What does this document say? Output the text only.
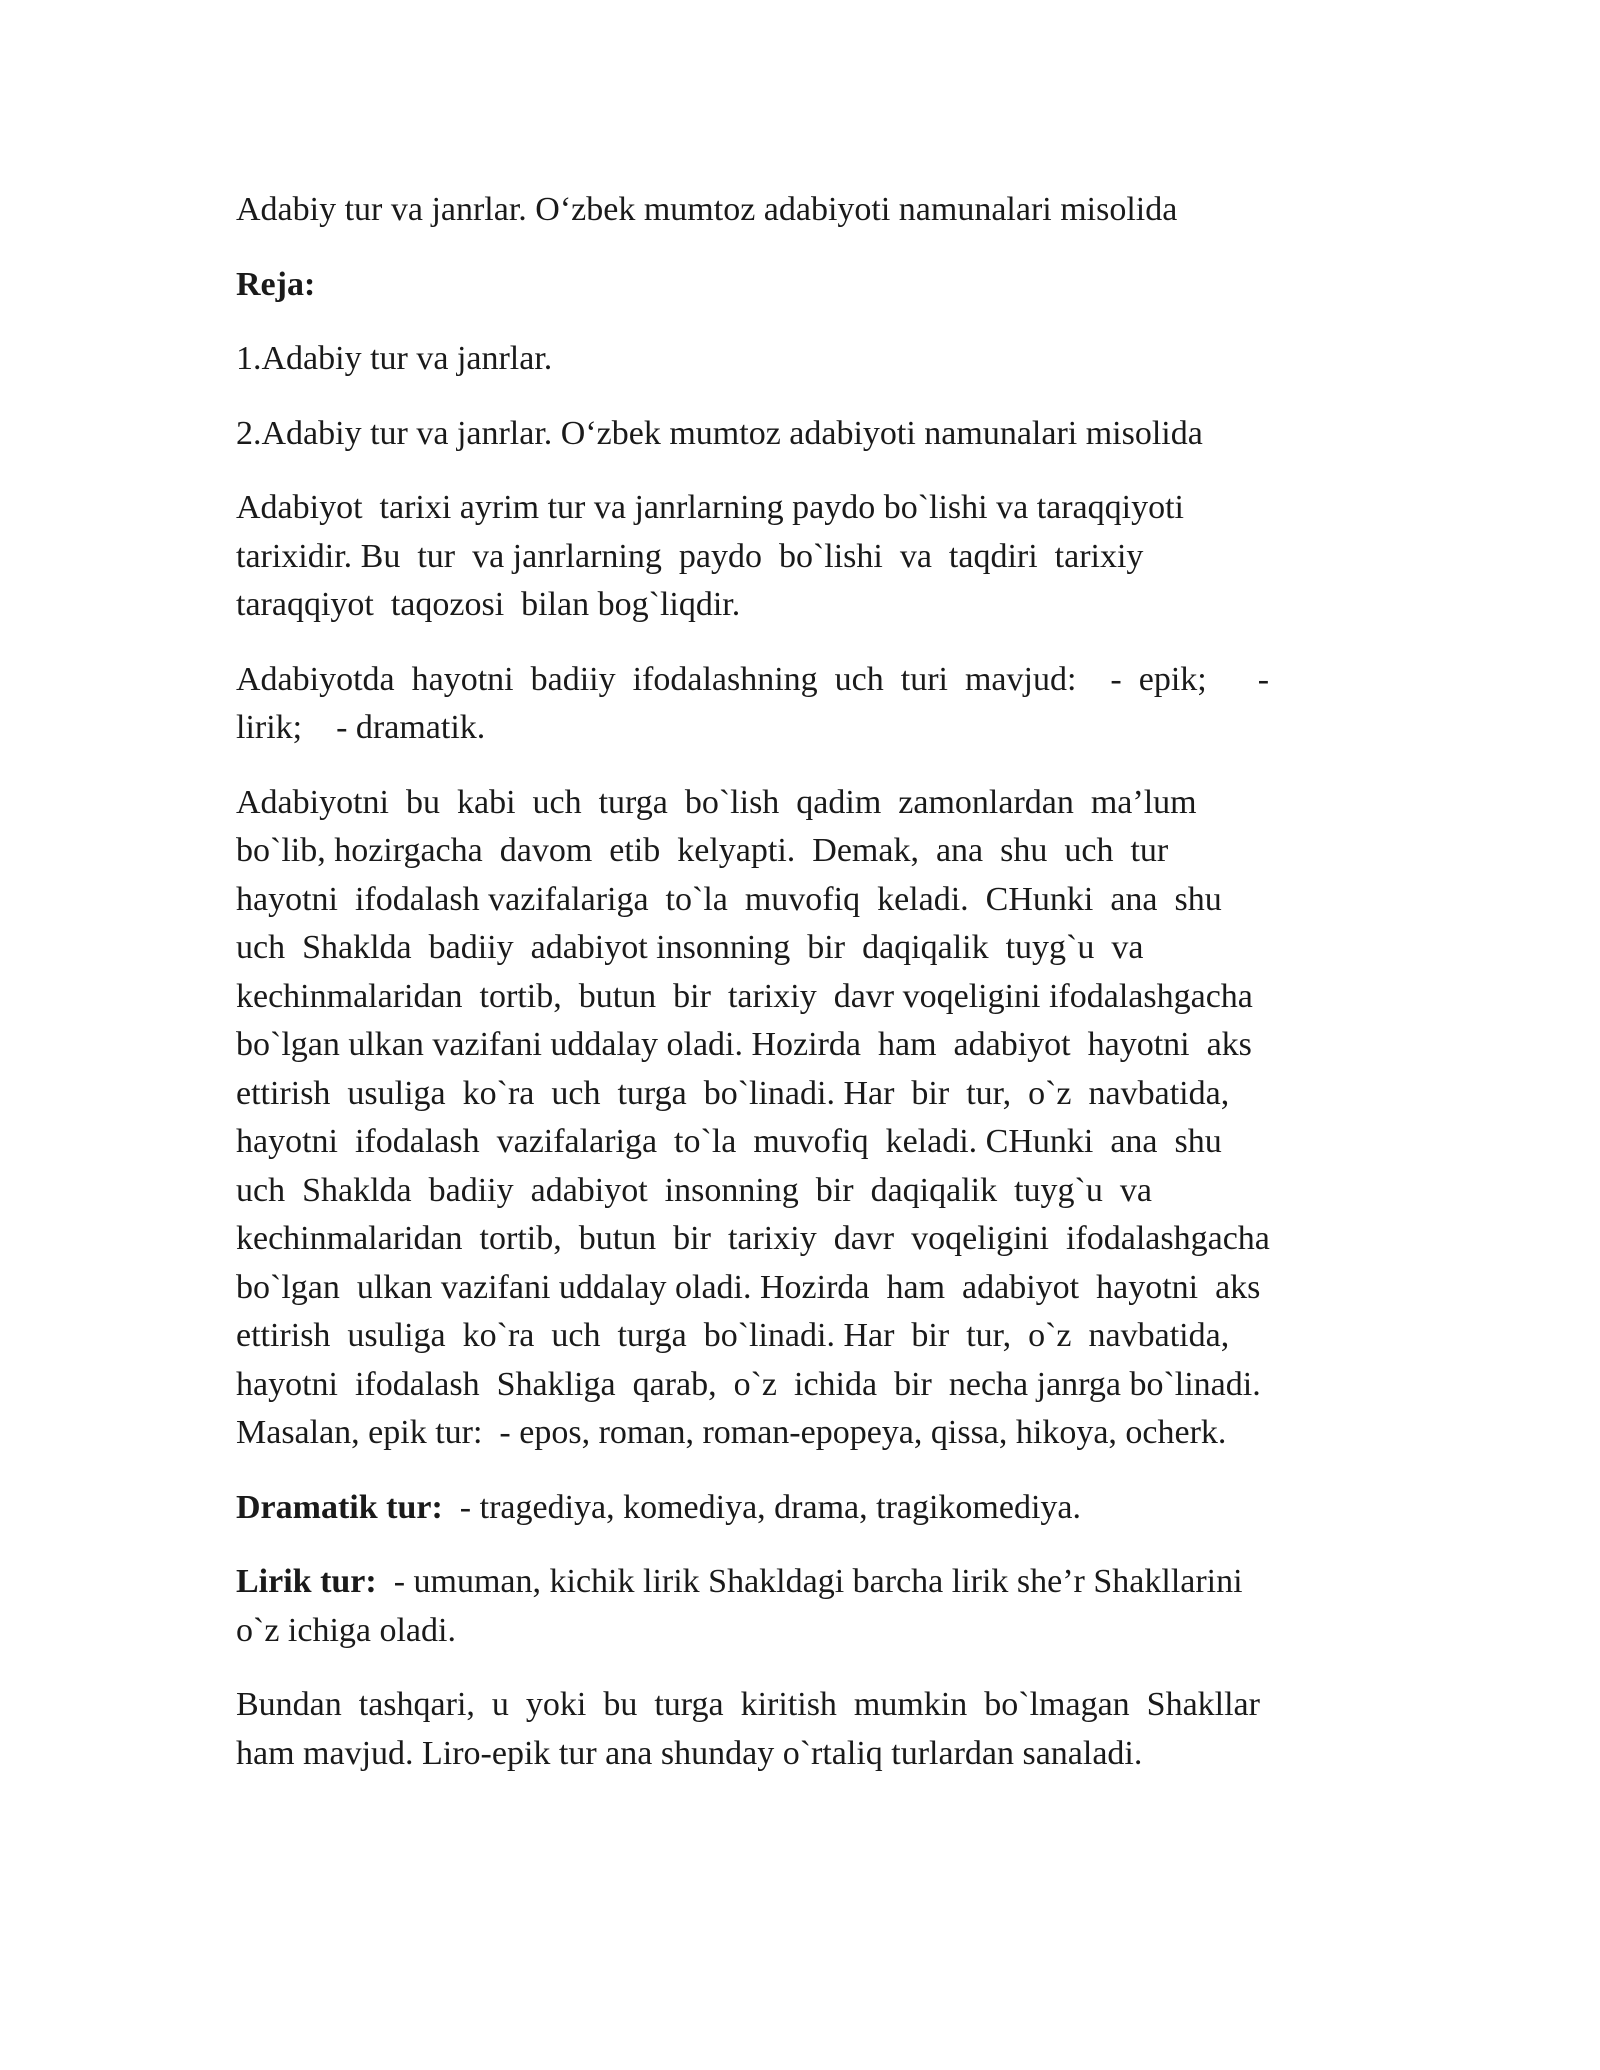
Adabiy tur va janrlar. O‘zbek mumtoz adabiyoti namunalari misolida

Reja:

1.Adabiy tur va janrlar.

2.Adabiy tur va janrlar. O‘zbek mumtoz adabiyoti namunalari misolida

Adabiyot  tarixi ayrim tur va janrlarning paydo bo`lishi va taraqqiyoti
tarixidir. Bu  tur  va janrlarning  paydo  bo`lishi  va  taqdiri  tarixiy
taraqqiyot  taqozosi  bilan bog`liqdir.

Adabiyotda  hayotni  badiiy  ifodalashning  uch  turi  mavjud:    -  epik;      -
lirik;    - dramatik.

Adabiyotni  bu  kabi  uch  turga  bo`lish  qadim  zamonlardan  ma’lum
bo`lib, hozirgacha  davom  etib  kelyapti.  Demak,  ana  shu  uch  tur
hayotni  ifodalash vazifalariga  to`la  muvofiq  keladi.  CHunki  ana  shu
uch  Shaklda  badiiy  adabiyot insonning  bir  daqiqalik  tuyg`u  va
kechinmalaridan  tortib,  butun  bir  tarixiy  davr voqeligini ifodalashgacha
bo`lgan ulkan vazifani uddalay oladi. Hozirda  ham  adabiyot  hayotni  aks
ettirish  usuliga  ko`ra  uch  turga  bo`linadi. Har  bir  tur,  o`z  navbatida,
hayotni  ifodalash  vazifalariga  to`la  muvofiq  keladi. CHunki  ana  shu
uch  Shaklda  badiiy  adabiyot  insonning  bir  daqiqalik  tuyg`u  va
kechinmalaridan  tortib,  butun  bir  tarixiy  davr  voqeligini  ifodalashgacha
bo`lgan  ulkan vazifani uddalay oladi. Hozirda  ham  adabiyot  hayotni  aks
ettirish  usuliga  ko`ra  uch  turga  bo`linadi. Har  bir  tur,  o`z  navbatida,
hayotni  ifodalash  Shakliga  qarab,  o`z  ichida  bir  necha janrga bo`linadi.
Masalan, epik tur:  - epos, roman, roman-epopeya, qissa, hikoya, ocherk.

Dramatik tur:  - tragediya, komediya, drama, tragikomediya.

Lirik tur:  - umuman, kichik lirik Shakldagi barcha lirik she’r Shakllarini
o`z ichiga oladi.

Bundan  tashqari,  u  yoki  bu  turga  kiritish  mumkin  bo`lmagan  Shakllar
ham mavjud. Liro-epik tur ana shunday o`rtaliq turlardan sanaladi.
